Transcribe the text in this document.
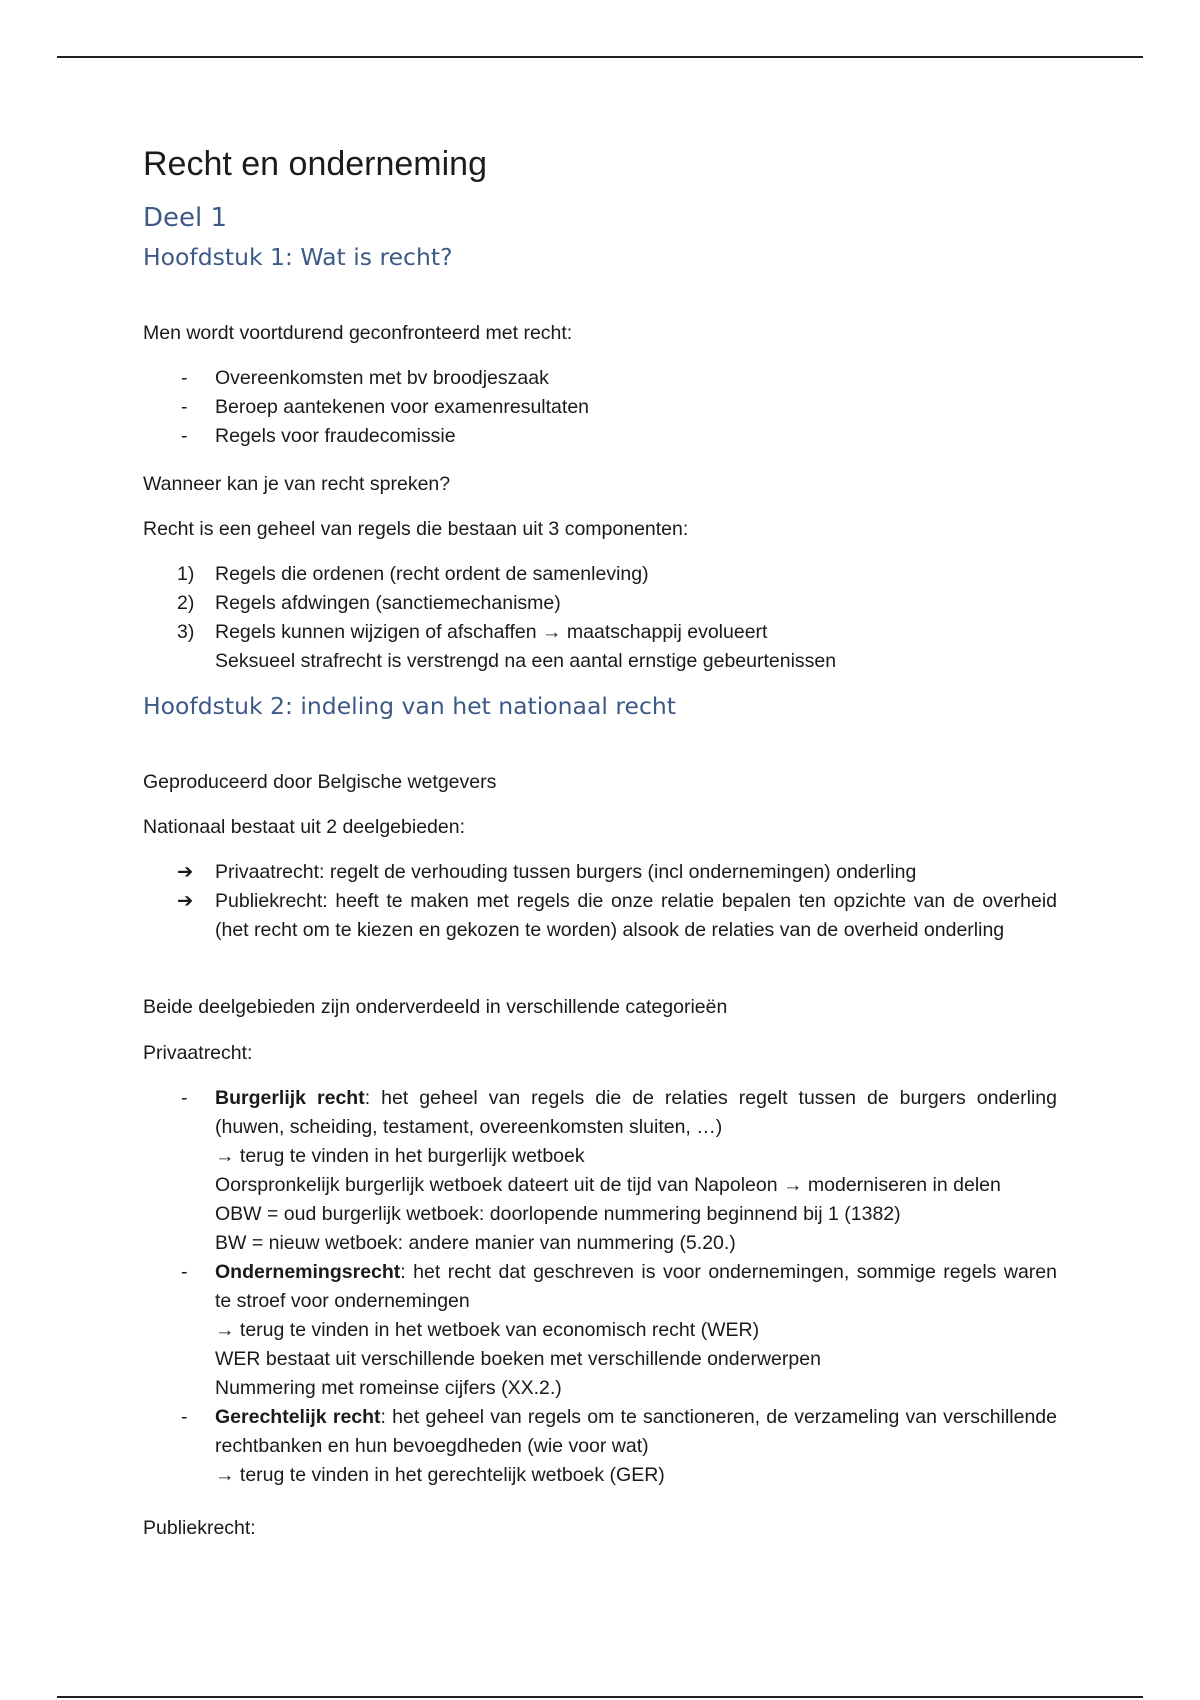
Recht en onderneming
Deel 1
Hoofdstuk 1: Wat is recht?
Men wordt voortdurend geconfronteerd met recht:
-	Overeenkomsten met bv broodjeszaak
-	Beroep aantekenen voor examenresultaten
-	Regels voor fraudecomissie
Wanneer kan je van recht spreken?
Recht is een geheel van regels die bestaan uit 3 componenten:
1)	Regels die ordenen (recht ordent de samenleving)
2)	Regels afdwingen (sanctiemechanisme)
3)	Regels kunnen wijzigen of afschaffen → maatschappij evolueert
Seksueel strafrecht is verstrengd na een aantal ernstige gebeurtenissen
Hoofdstuk 2: indeling van het nationaal recht
Geproduceerd door Belgische wetgevers
Nationaal bestaat uit 2 deelgebieden:
➔	Privaatrecht: regelt de verhouding tussen burgers (incl ondernemingen) onderling
➔	Publiekrecht: heeft te maken met regels die onze relatie bepalen ten opzichte van de overheid (het recht om te kiezen en gekozen te worden) alsook de relaties van de overheid onderling
Beide deelgebieden zijn onderverdeeld in verschillende categorieën
Privaatrecht:
-	Burgerlijk recht: het geheel van regels die de relaties regelt tussen de burgers onderling (huwen, scheiding, testament, overeenkomsten sluiten, …)
→ terug te vinden in het burgerlijk wetboek
Oorspronkelijk burgerlijk wetboek dateert uit de tijd van Napoleon → moderniseren in delen
OBW = oud burgerlijk wetboek: doorlopende nummering beginnend bij 1 (1382)
BW = nieuw wetboek: andere manier van nummering (5.20.)
-	Ondernemingsrecht: het recht dat geschreven is voor ondernemingen, sommige regels waren te stroef voor ondernemingen
→ terug te vinden in het wetboek van economisch recht (WER)
WER bestaat uit verschillende boeken met verschillende onderwerpen
Nummering met romeinse cijfers (XX.2.)
-	Gerechtelijk recht: het geheel van regels om te sanctioneren, de verzameling van verschillende rechtbanken en hun bevoegdheden (wie voor wat)
→ terug te vinden in het gerechtelijk wetboek (GER)
Publiekrecht:
